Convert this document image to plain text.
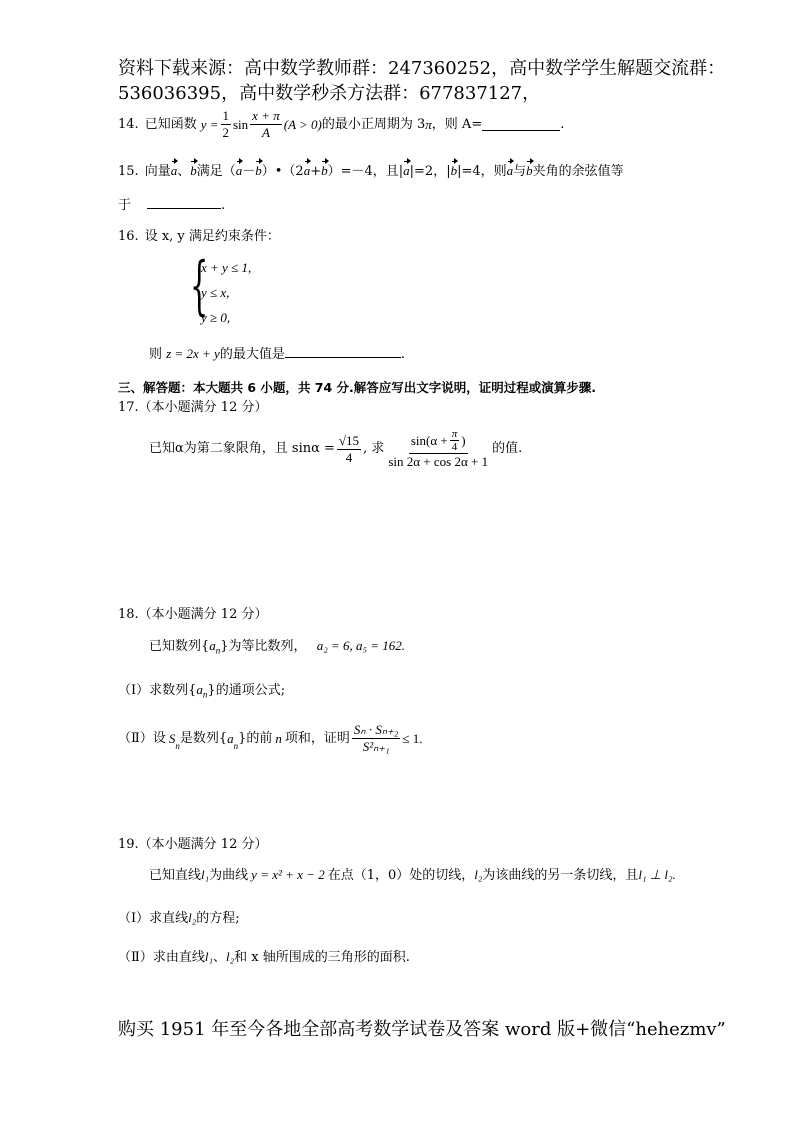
资料下载来源：高中数学教师群：247360252，高中数学学生解题交流群：
536036395，高中数学秒杀方法群：677837127，
14. 已知函数 $y = \frac{1}{2}$ $\sin \frac{x + \pi}{A} (A > 0)$ 的最小正周期为 3 π ，则 A=	.
15. 向量a、b满足（a－b）•（2a+b）=－4，且|a|=2，|b|=4，则a与b夹角的余弦值等
于	.
16. 设 x, y 满足约束条件：
{
x + y ≤ 1,
y ≤ x,
y ≥ 0,
则 z = 2x + y的最大值是	.
三、解答题：本大题共 6 小题，共 74 分.解答应写出文字说明，证明过程或演算步骤.
17.（本小题满分 12 分）
已知α为第二象限角，且 $\sin\alpha = \frac{√15}{4}$ , 求 $\frac{\sin(\alpha + \frac{\pi}{4} )}{\sin 2\alpha + \cos 2\alpha + 1}$ 的值.
18.（本小题满分 12 分）
已知数列$\{a_n\}$为等比数列， a₂ = 6, a₅ = 162.
（Ⅰ）求数列$\{a_n\}$的通项公式;
（Ⅱ）设 S
$_n$
是数列{ a
$_n$
}的前 n 项和，证明 $\frac{\text{Sₙ · Sₙ₊₂}}{\text{S²ₙ₊₁}} \le 1$.
19.（本小题满分 12 分）
已知直线l₁为曲线 y = x² + x − 2 在点（1，0）处的切线，l₂为该曲线的另一条切线，且l₁ ⊥ l₂.
（Ⅰ）求直线l₂的方程;
（Ⅱ）求由直线l₁、l₂和 x 轴所围成的三角形的面积.
购买 1951 年至今各地全部高考数学试卷及答案 word 版+微信“hehezmv”
